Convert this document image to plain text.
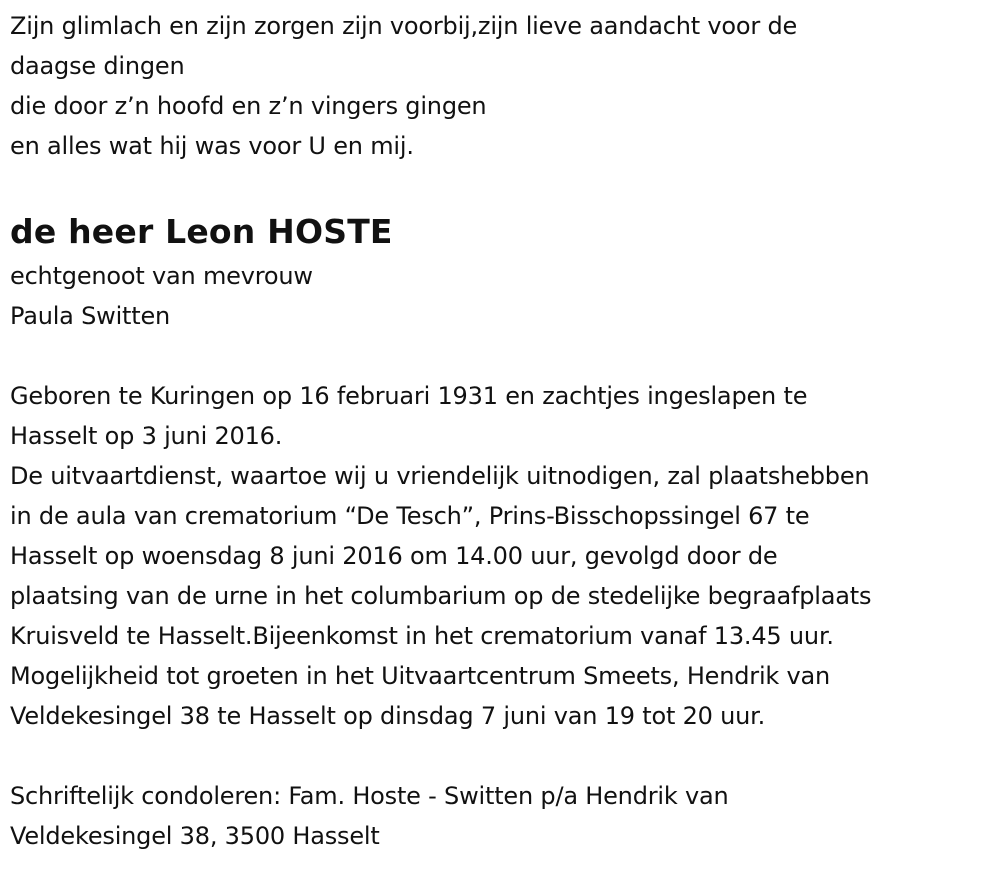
Zijn glimlach en zijn zorgen zijn voorbij,zijn lieve aandacht voor de
daagse dingen
die door z’n hoofd en z’n vingers gingen
en alles wat hij was voor U en mij.
de heer Leon HOSTE
echtgenoot van mevrouw
Paula Switten
Geboren te Kuringen op 16 februari 1931 en zachtjes ingeslapen te
Hasselt op 3 juni 2016.
De uitvaartdienst, waartoe wij u vriendelijk uitnodigen, zal plaatshebben
in de aula van crematorium “De Tesch”, Prins-Bisschopssingel 67 te
Hasselt op woensdag 8 juni 2016 om 14.00 uur, gevolgd door de
plaatsing van de urne in het columbarium op de stedelijke begraafplaats
Kruisveld te Hasselt.Bijeenkomst in het crematorium vanaf 13.45 uur.
Mogelijkheid tot groeten in het Uitvaartcentrum Smeets, Hendrik van
Veldekesingel 38 te Hasselt op dinsdag 7 juni van 19 tot 20 uur.
Schriftelijk condoleren: Fam. Hoste - Switten p/a Hendrik van
Veldekesingel 38, 3500 Hasselt
